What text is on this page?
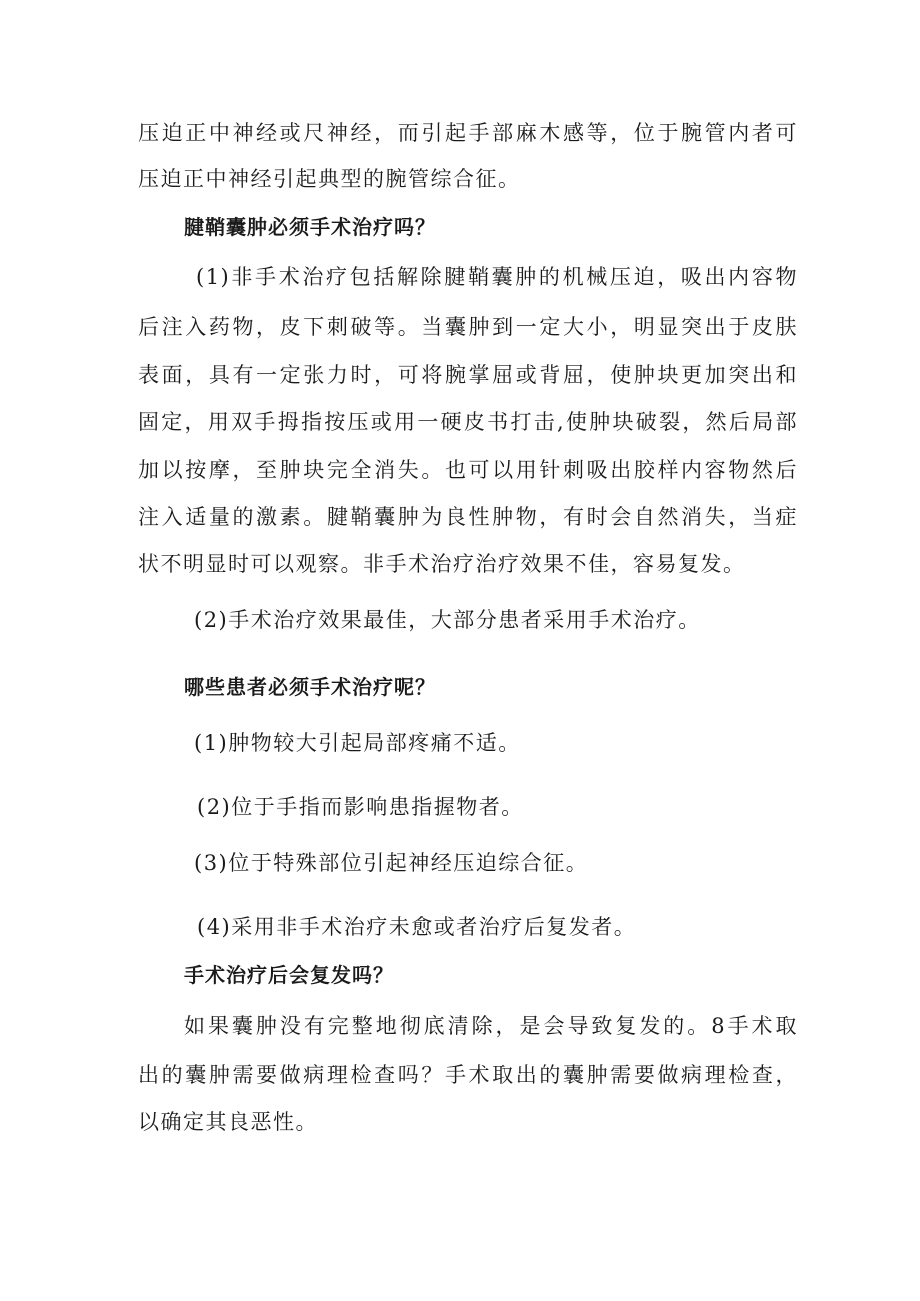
压迫正中神经或尺神经，而引起手部麻木感等，位于腕管内者可
压迫正中神经引起典型的腕管综合征。
腱鞘囊肿必须手术治疗吗？
(1)非手术治疗包括解除腱鞘囊肿的机械压迫，吸出内容物
后注入药物，皮下刺破等。当囊肿到一定大小，明显突出于皮肤
表面，具有一定张力时，可将腕掌屈或背屈，使肿块更加突出和
固定，用双手拇指按压或用一硬皮书打击,使肿块破裂，然后局部
加以按摩，至肿块完全消失。也可以用针刺吸出胶样内容物然后
注入适量的激素。腱鞘囊肿为良性肿物，有时会自然消失，当症
状不明显时可以观察。非手术治疗治疗效果不佳，容易复发。
(2)手术治疗效果最佳，大部分患者采用手术治疗。
哪些患者必须手术治疗呢？
(1)肿物较大引起局部疼痛不适。
(2)位于手指而影响患指握物者。
(3)位于特殊部位引起神经压迫综合征。
(4)采用非手术治疗未愈或者治疗后复发者。
手术治疗后会复发吗？
如果囊肿没有完整地彻底清除，是会导致复发的。8手术取
出的囊肿需要做病理检查吗？手术取出的囊肿需要做病理检查，
以确定其良恶性。
